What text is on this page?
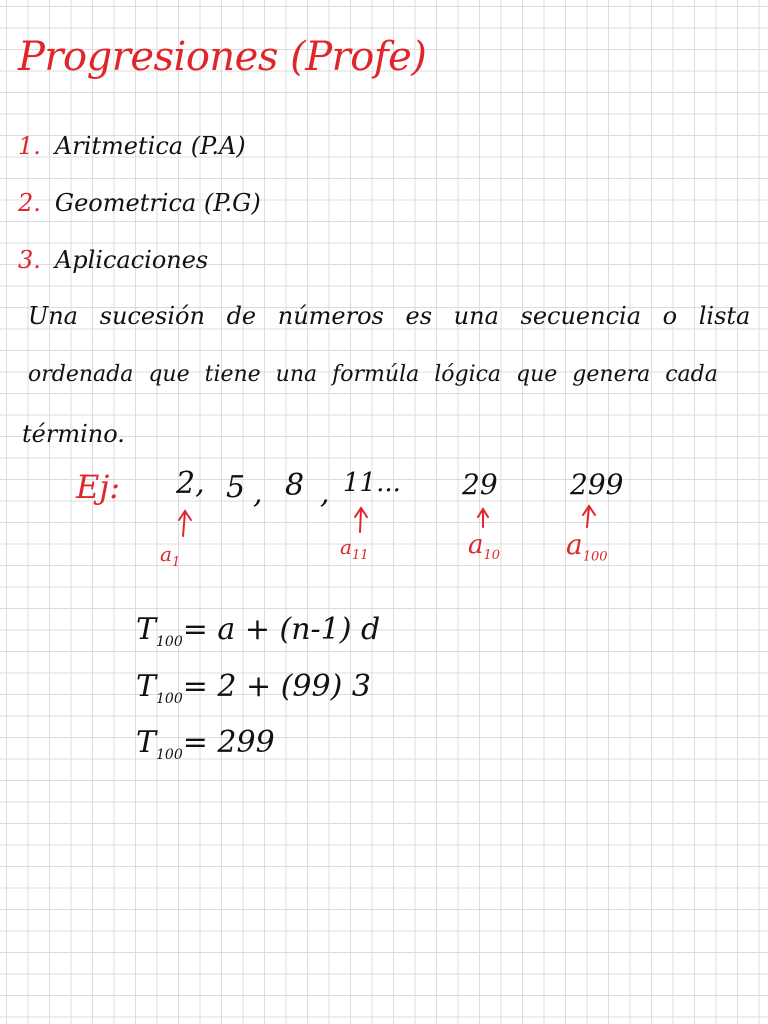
Progresiones (Profe)
1. Aritmetica (P.A)
2. Geometrica (P.G)
3. Aplicaciones
Una sucesión de números es una secuencia o lista
ordenada que tiene una formúla lógica que genera cada
término.
Ej: 2, 5 , 8 , 11... 29	299
$a_1$
$a_{11}$	$a_{10}$ $a_{100}$
$T_{100}= a + (n-1)$ d
$T_{100}= 2 + (99)$ 3
$T_{100}= 299$
